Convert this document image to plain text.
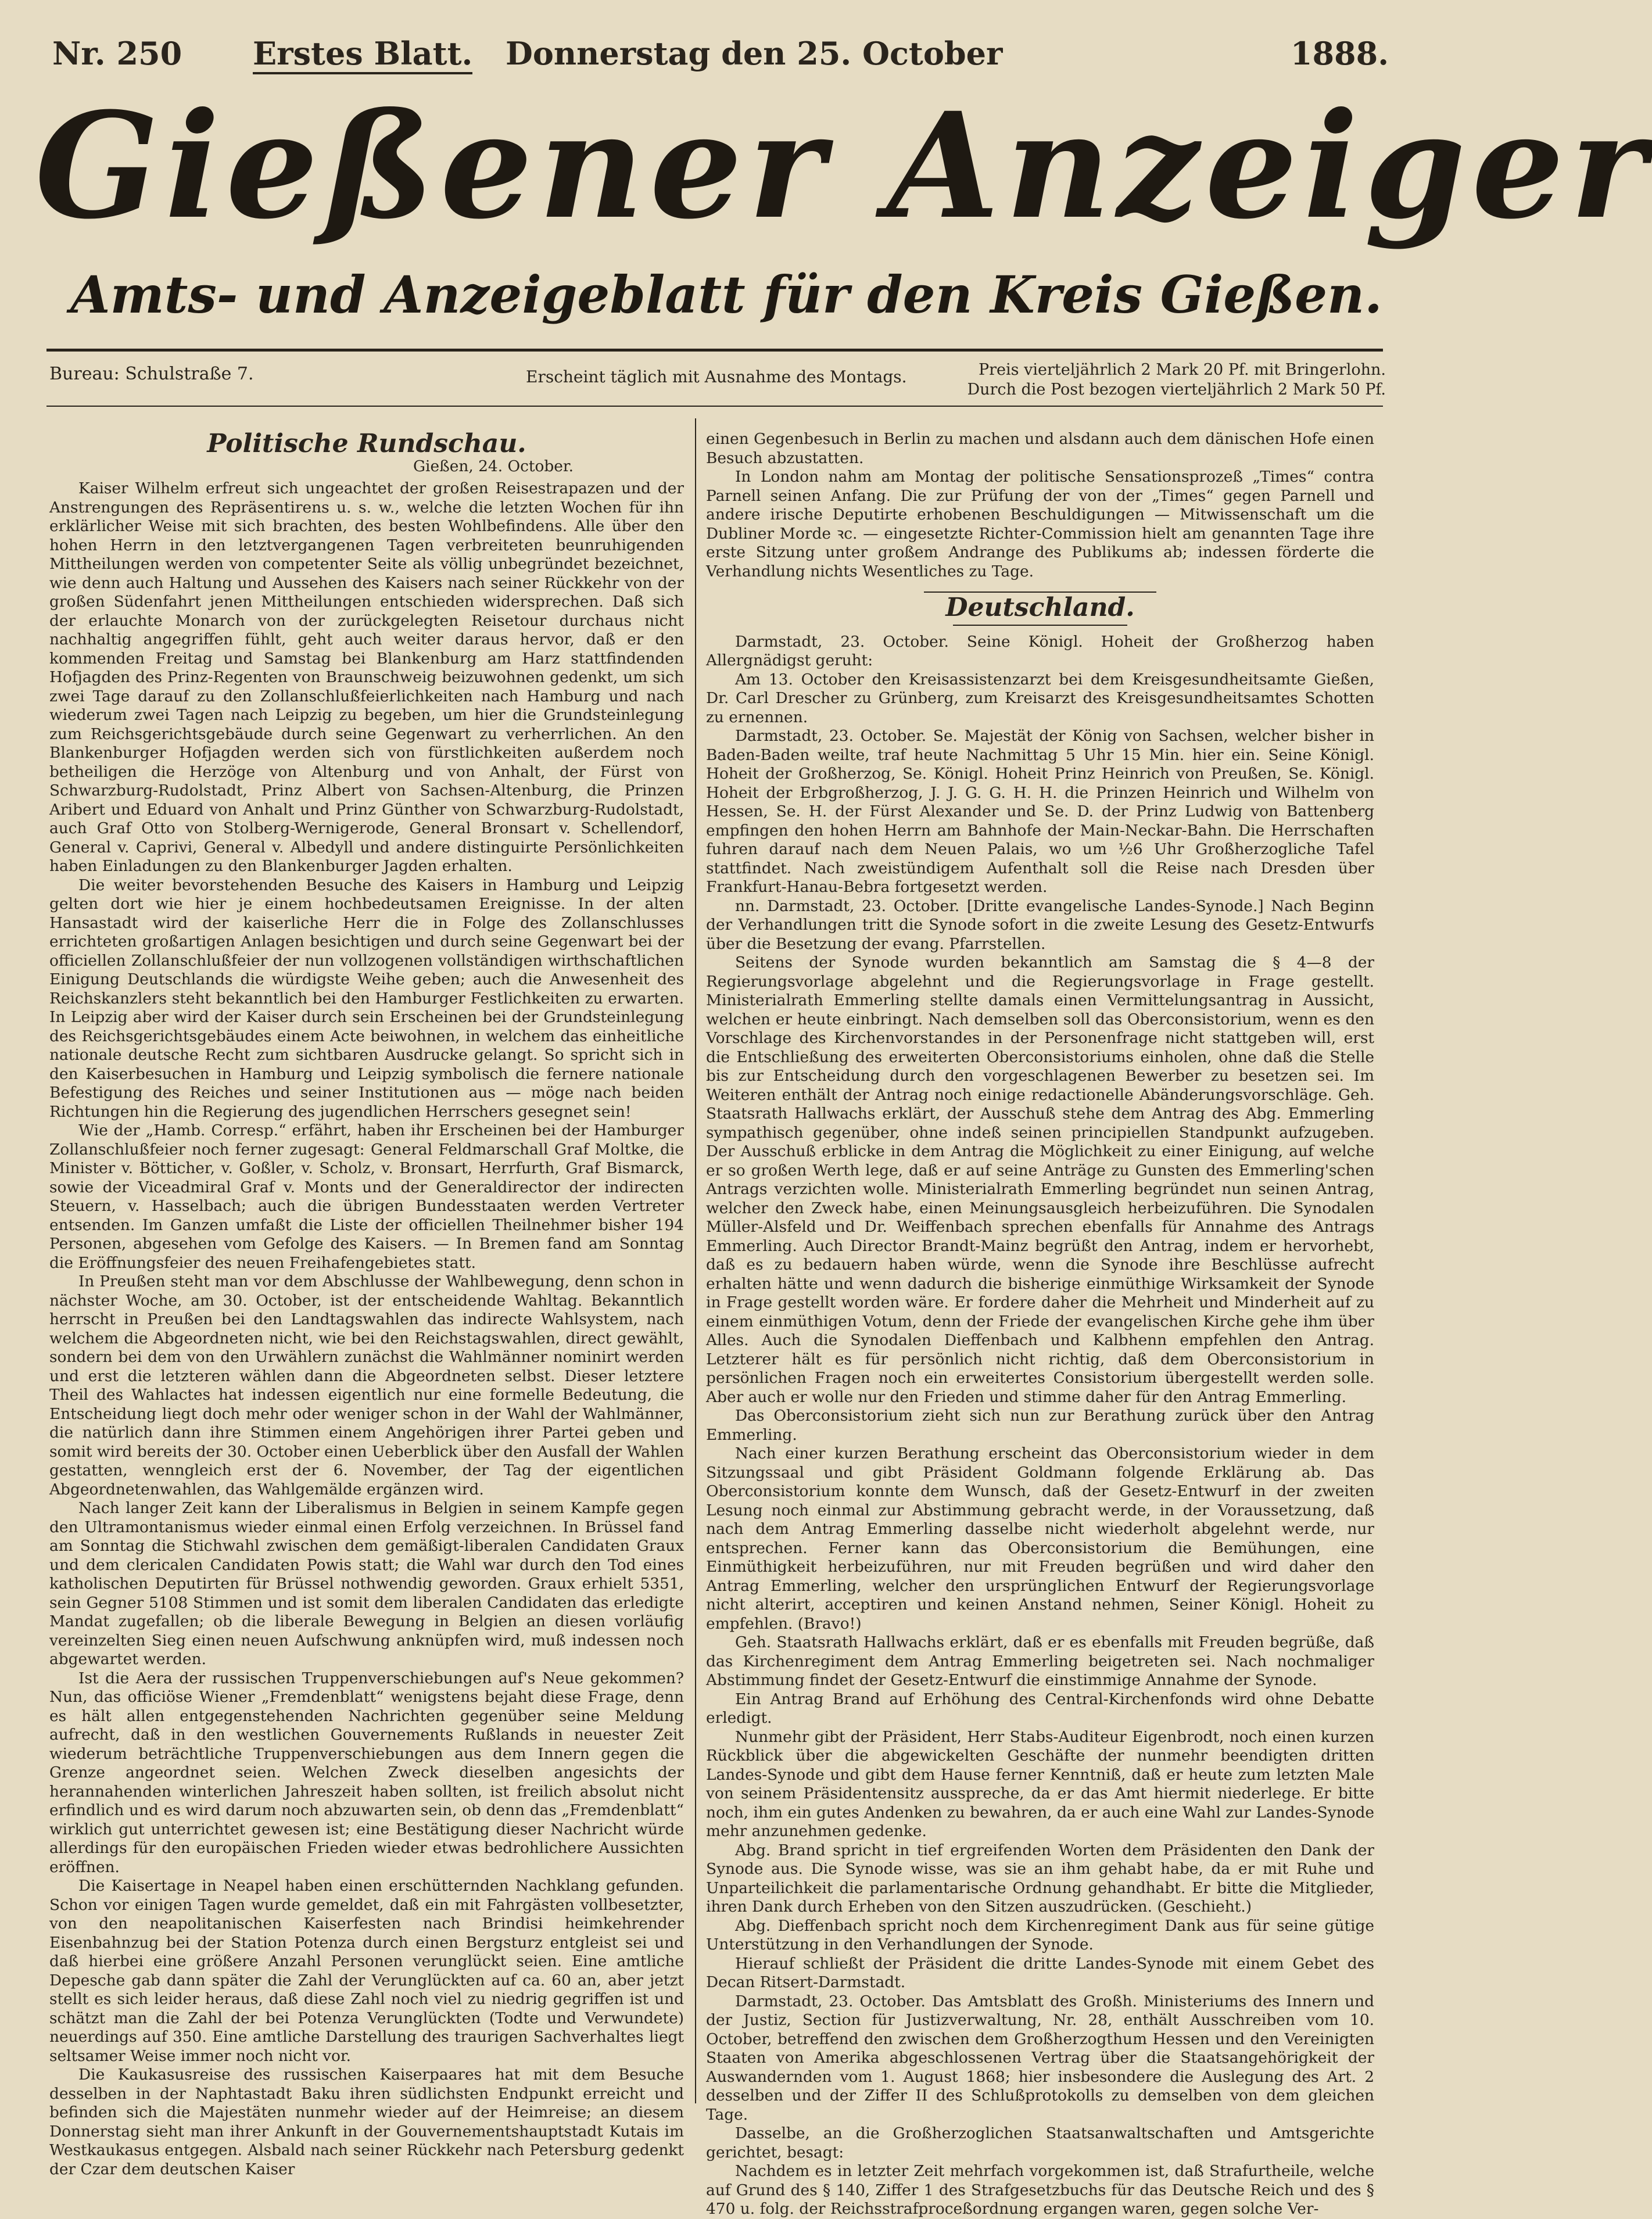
Nr. 250 Erstes Blatt. Donnerstag den 25. October	1888.
Gießener Anzeiger
Amts- und Anzeigeblatt für den Kreis Gießen.
Bureau: Schulstraße 7.	Erscheint täglich mit Ausnahme des Montags.	Preis vierteljährlich 2 Mark 20 Pf. mit Bringerlohn.
Durch die Post bezogen vierteljährlich 2 Mark 50 Pf.
Politische Rundschau.
Gießen, 24. October.

Kaiser Wilhelm erfreut sich ungeachtet der großen Reisestrapazen und der Anstrengungen des Repräsentirens u. s. w., welche die letzten Wochen für ihn erklärlicher Weise mit sich brachten, des besten Wohlbefindens. Alle über den hohen Herrn in den letztvergangenen Tagen verbreiteten beunruhigenden Mittheilungen werden von competenter Seite als völlig unbegründet bezeichnet, wie denn auch Haltung und Aussehen des Kaisers nach seiner Rückkehr von der großen Südenfahrt jenen Mittheilungen entschieden widersprechen. Daß sich der erlauchte Monarch von der zurückgelegten Reisetour durchaus nicht nachhaltig angegriffen fühlt, geht auch weiter daraus hervor, daß er den kommenden Freitag und Samstag bei Blankenburg am Harz stattfindenden Hofjagden des Prinz-Regenten von Braunschweig beizuwohnen gedenkt, um sich zwei Tage darauf zu den Zollanschlußfeierlichkeiten nach Hamburg und nach wiederum zwei Tagen nach Leipzig zu begeben, um hier die Grundsteinlegung zum Reichsgerichtsgebäude durch seine Gegenwart zu verherrlichen. An den Blankenburger Hofjagden werden sich von fürstlichkeiten außerdem noch betheiligen die Herzöge von Altenburg und von Anhalt, der Fürst von Schwarzburg-Rudolstadt, Prinz Albert von Sachsen-Altenburg, die Prinzen Aribert und Eduard von Anhalt und Prinz Günther von Schwarzburg-Rudolstadt, auch Graf Otto von Stolberg-Wernigerode, General Bronsart v. Schellendorf, General v. Caprivi, General v. Albedyll und andere distinguirte Persönlichkeiten haben Einladungen zu den Blankenburger Jagden erhalten.

Die weiter bevorstehenden Besuche des Kaisers in Hamburg und Leipzig gelten dort wie hier je einem hochbedeutsamen Ereignisse. In der alten Hansastadt wird der kaiserliche Herr die in Folge des Zollanschlusses errichteten großartigen Anlagen besichtigen und durch seine Gegenwart bei der officiellen Zollanschlußfeier der nun vollzogenen vollständigen wirthschaftlichen Einigung Deutschlands die würdigste Weihe geben; auch die Anwesenheit des Reichskanzlers steht bekanntlich bei den Hamburger Festlichkeiten zu erwarten. In Leipzig aber wird der Kaiser durch sein Erscheinen bei der Grundsteinlegung des Reichsgerichtsgebäudes einem Acte beiwohnen, in welchem das einheitliche nationale deutsche Recht zum sichtbaren Ausdrucke gelangt. So spricht sich in den Kaiserbesuchen in Hamburg und Leipzig symbolisch die fernere nationale Befestigung des Reiches und seiner Institutionen aus — möge nach beiden Richtungen hin die Regierung des jugendlichen Herrschers gesegnet sein!

Wie der „Hamb. Corresp.“ erfährt, haben ihr Erscheinen bei der Hamburger Zollanschlußfeier noch ferner zugesagt: General Feldmarschall Graf Moltke, die Minister v. Bötticher, v. Goßler, v. Scholz, v. Bronsart, Herrfurth, Graf Bismarck, sowie der Viceadmiral Graf v. Monts und der Generaldirector der indirecten Steuern, v. Hasselbach; auch die übrigen Bundesstaaten werden Vertreter entsenden. Im Ganzen umfaßt die Liste der officiellen Theilnehmer bisher 194 Personen, abgesehen vom Gefolge des Kaisers. — In Bremen fand am Sonntag die Eröffnungsfeier des neuen Freihafengebietes statt.

In Preußen steht man vor dem Abschlusse der Wahlbewegung, denn schon in nächster Woche, am 30. October, ist der entscheidende Wahltag. Bekanntlich herrscht in Preußen bei den Landtagswahlen das indirecte Wahlsystem, nach welchem die Abgeordneten nicht, wie bei den Reichstagswahlen, direct gewählt, sondern bei dem von den Urwählern zunächst die Wahlmänner nominirt werden und erst die letzteren wählen dann die Abgeordneten selbst. Dieser letztere Theil des Wahlactes hat indessen eigentlich nur eine formelle Bedeutung, die Entscheidung liegt doch mehr oder weniger schon in der Wahl der Wahlmänner, die natürlich dann ihre Stimmen einem Angehörigen ihrer Partei geben und somit wird bereits der 30. October einen Ueberblick über den Ausfall der Wahlen gestatten, wenngleich erst der 6. November, der Tag der eigentlichen Abgeordnetenwahlen, das Wahlgemälde ergänzen wird.

Nach langer Zeit kann der Liberalismus in Belgien in seinem Kampfe gegen den Ultramontanismus wieder einmal einen Erfolg verzeichnen. In Brüssel fand am Sonntag die Stichwahl zwischen dem gemäßigt-liberalen Candidaten Graux und dem clericalen Candidaten Powis statt; die Wahl war durch den Tod eines katholischen Deputirten für Brüssel nothwendig geworden. Graux erhielt 5351, sein Gegner 5108 Stimmen und ist somit dem liberalen Candidaten das erledigte Mandat zugefallen; ob die liberale Bewegung in Belgien an diesen vorläufig vereinzelten Sieg einen neuen Aufschwung anknüpfen wird, muß indessen noch abgewartet werden.

Ist die Aera der russischen Truppenverschiebungen auf's Neue gekommen? Nun, das officiöse Wiener „Fremdenblatt“ wenigstens bejaht diese Frage, denn es hält allen entgegenstehenden Nachrichten gegenüber seine Meldung aufrecht, daß in den westlichen Gouvernements Rußlands in neuester Zeit wiederum beträchtliche Truppenverschiebungen aus dem Innern gegen die Grenze angeordnet seien. Welchen Zweck dieselben angesichts der herannahenden winterlichen Jahreszeit haben sollten, ist freilich absolut nicht erfindlich und es wird darum noch abzuwarten sein, ob denn das „Fremdenblatt“ wirklich gut unterrichtet gewesen ist; eine Bestätigung dieser Nachricht würde allerdings für den europäischen Frieden wieder etwas bedrohlichere Aussichten eröffnen.

Die Kaisertage in Neapel haben einen erschütternden Nachklang gefunden. Schon vor einigen Tagen wurde gemeldet, daß ein mit Fahrgästen vollbesetzter, von den neapolitanischen Kaiserfesten nach Brindisi heimkehrender Eisenbahnzug bei der Station Potenza durch einen Bergsturz entgleist sei und daß hierbei eine größere Anzahl Personen verunglückt seien. Eine amtliche Depesche gab dann später die Zahl der Verunglückten auf ca. 60 an, aber jetzt stellt es sich leider heraus, daß diese Zahl noch viel zu niedrig gegriffen ist und schätzt man die Zahl der bei Potenza Verunglückten (Todte und Verwundete) neuerdings auf 350. Eine amtliche Darstellung des traurigen Sachverhaltes liegt seltsamer Weise immer noch nicht vor.

Die Kaukasusreise des russischen Kaiserpaares hat mit dem Besuche desselben in der Naphtastadt Baku ihren südlichsten Endpunkt erreicht und befinden sich die Majestäten nunmehr wieder auf der Heimreise; an diesem Donnerstag sieht man ihrer Ankunft in der Gouvernementshauptstadt Kutais im Westkaukasus entgegen. Alsbald nach seiner Rückkehr nach Petersburg gedenkt der Czar dem deutschen Kaiser

einen Gegenbesuch in Berlin zu machen und alsdann auch dem dänischen Hofe einen Besuch abzustatten.

In London nahm am Montag der politische Sensationsprozeß „Times“ contra Parnell seinen Anfang. Die zur Prüfung der von der „Times“ gegen Parnell und andere irische Deputirte erhobenen Beschuldigungen — Mitwissenschaft um die Dubliner Morde ꝛc. — eingesetzte Richter-Commission hielt am genannten Tage ihre erste Sitzung unter großem Andrange des Publikums ab; indessen förderte die Verhandlung nichts Wesentliches zu Tage.

Deutschland.

Darmstadt, 23. October. Seine Königl. Hoheit der Großherzog haben Allergnädigst geruht:

Am 13. October den Kreisassistenzarzt bei dem Kreisgesundheitsamte Gießen, Dr. Carl Drescher zu Grünberg, zum Kreisarzt des Kreisgesundheitsamtes Schotten zu ernennen.

Darmstadt, 23. October. Se. Majestät der König von Sachsen, welcher bisher in Baden-Baden weilte, traf heute Nachmittag 5 Uhr 15 Min. hier ein. Seine Königl. Hoheit der Großherzog, Se. Königl. Hoheit Prinz Heinrich von Preußen, Se. Königl. Hoheit der Erbgroßherzog, J. J. G. G. H. H. die Prinzen Heinrich und Wilhelm von Hessen, Se. H. der Fürst Alexander und Se. D. der Prinz Ludwig von Battenberg empfingen den hohen Herrn am Bahnhofe der Main-Neckar-Bahn. Die Herrschaften fuhren darauf nach dem Neuen Palais, wo um ½6 Uhr Großherzogliche Tafel stattfindet. Nach zweistündigem Aufenthalt soll die Reise nach Dresden über Frankfurt-Hanau-Bebra fortgesetzt werden.

nn. Darmstadt, 23. October. [Dritte evangelische Landes-Synode.] Nach Beginn der Verhandlungen tritt die Synode sofort in die zweite Lesung des Gesetz-Entwurfs über die Besetzung der evang. Pfarrstellen.

Seitens der Synode wurden bekanntlich am Samstag die § 4—8 der Regierungsvorlage abgelehnt und die Regierungsvorlage in Frage gestellt. Ministerialrath Emmerling stellte damals einen Vermittelungsantrag in Aussicht, welchen er heute einbringt. Nach demselben soll das Oberconsistorium, wenn es den Vorschlage des Kirchenvorstandes in der Personenfrage nicht stattgeben will, erst die Entschließung des erweiterten Oberconsistoriums einholen, ohne daß die Stelle bis zur Entscheidung durch den vorgeschlagenen Bewerber zu besetzen sei. Im Weiteren enthält der Antrag noch einige redactionelle Abänderungsvorschläge. Geh. Staatsrath Hallwachs erklärt, der Ausschuß stehe dem Antrag des Abg. Emmerling sympathisch gegenüber, ohne indeß seinen principiellen Standpunkt aufzugeben. Der Ausschuß erblicke in dem Antrag die Möglichkeit zu einer Einigung, auf welche er so großen Werth lege, daß er auf seine Anträge zu Gunsten des Emmerling'schen Antrags verzichten wolle. Ministerialrath Emmerling begründet nun seinen Antrag, welcher den Zweck habe, einen Meinungsausgleich herbeizuführen. Die Synodalen Müller-Alsfeld und Dr. Weiffenbach sprechen ebenfalls für Annahme des Antrags Emmerling. Auch Director Brandt-Mainz begrüßt den Antrag, indem er hervorhebt, daß es zu bedauern haben würde, wenn die Synode ihre Beschlüsse aufrecht erhalten hätte und wenn dadurch die bisherige einmüthige Wirksamkeit der Synode in Frage gestellt worden wäre. Er fordere daher die Mehrheit und Minderheit auf zu einem einmüthigen Votum, denn der Friede der evangelischen Kirche gehe ihm über Alles. Auch die Synodalen Dieffenbach und Kalbhenn empfehlen den Antrag. Letzterer hält es für persönlich nicht richtig, daß dem Oberconsistorium in persönlichen Fragen noch ein erweitertes Consistorium übergestellt werden solle. Aber auch er wolle nur den Frieden und stimme daher für den Antrag Emmerling.

Das Oberconsistorium zieht sich nun zur Berathung zurück über den Antrag Emmerling.

Nach einer kurzen Berathung erscheint das Oberconsistorium wieder in dem Sitzungssaal und gibt Präsident Goldmann folgende Erklärung ab. Das Oberconsistorium konnte dem Wunsch, daß der Gesetz-Entwurf in der zweiten Lesung noch einmal zur Abstimmung gebracht werde, in der Voraussetzung, daß nach dem Antrag Emmerling dasselbe nicht wiederholt abgelehnt werde, nur entsprechen. Ferner kann das Oberconsistorium die Bemühungen, eine Einmüthigkeit herbeizuführen, nur mit Freuden begrüßen und wird daher den Antrag Emmerling, welcher den ursprünglichen Entwurf der Regierungsvorlage nicht alterirt, acceptiren und keinen Anstand nehmen, Seiner Königl. Hoheit zu empfehlen. (Bravo!)

Geh. Staatsrath Hallwachs erklärt, daß er es ebenfalls mit Freuden begrüße, daß das Kirchenregiment dem Antrag Emmerling beigetreten sei. Nach nochmaliger Abstimmung findet der Gesetz-Entwurf die einstimmige Annahme der Synode.

Ein Antrag Brand auf Erhöhung des Central-Kirchenfonds wird ohne Debatte erledigt.

Nunmehr gibt der Präsident, Herr Stabs-Auditeur Eigenbrodt, noch einen kurzen Rückblick über die abgewickelten Geschäfte der nunmehr beendigten dritten Landes-Synode und gibt dem Hause ferner Kenntniß, daß er heute zum letzten Male von seinem Präsidentensitz ausspreche, da er das Amt hiermit niederlege. Er bitte noch, ihm ein gutes Andenken zu bewahren, da er auch eine Wahl zur Landes-Synode mehr anzunehmen gedenke.

Abg. Brand spricht in tief ergreifenden Worten dem Präsidenten den Dank der Synode aus. Die Synode wisse, was sie an ihm gehabt habe, da er mit Ruhe und Unparteilichkeit die parlamentarische Ordnung gehandhabt. Er bitte die Mitglieder, ihren Dank durch Erheben von den Sitzen auszudrücken. (Geschieht.)

Abg. Dieffenbach spricht noch dem Kirchenregiment Dank aus für seine gütige Unterstützung in den Verhandlungen der Synode.

Hierauf schließt der Präsident die dritte Landes-Synode mit einem Gebet des Decan Ritsert-Darmstadt.

Darmstadt, 23. October. Das Amtsblatt des Großh. Ministeriums des Innern und der Justiz, Section für Justizverwaltung, Nr. 28, enthält Ausschreiben vom 10. October, betreffend den zwischen dem Großherzogthum Hessen und den Vereinigten Staaten von Amerika abgeschlossenen Vertrag über die Staatsangehörigkeit der Auswandernden vom 1. August 1868; hier insbesondere die Auslegung des Art. 2 desselben und der Ziffer II des Schlußprotokolls zu demselben von dem gleichen Tage.

Dasselbe, an die Großherzoglichen Staatsanwaltschaften und Amtsgerichte gerichtet, besagt:

Nachdem es in letzter Zeit mehrfach vorgekommen ist, daß Strafurtheile, welche auf Grund des § 140, Ziffer 1 des Strafgesetzbuchs für das Deutsche Reich und des § 470 u. folg. der Reichsstrafproceßordnung ergangen waren, gegen solche Ver-
